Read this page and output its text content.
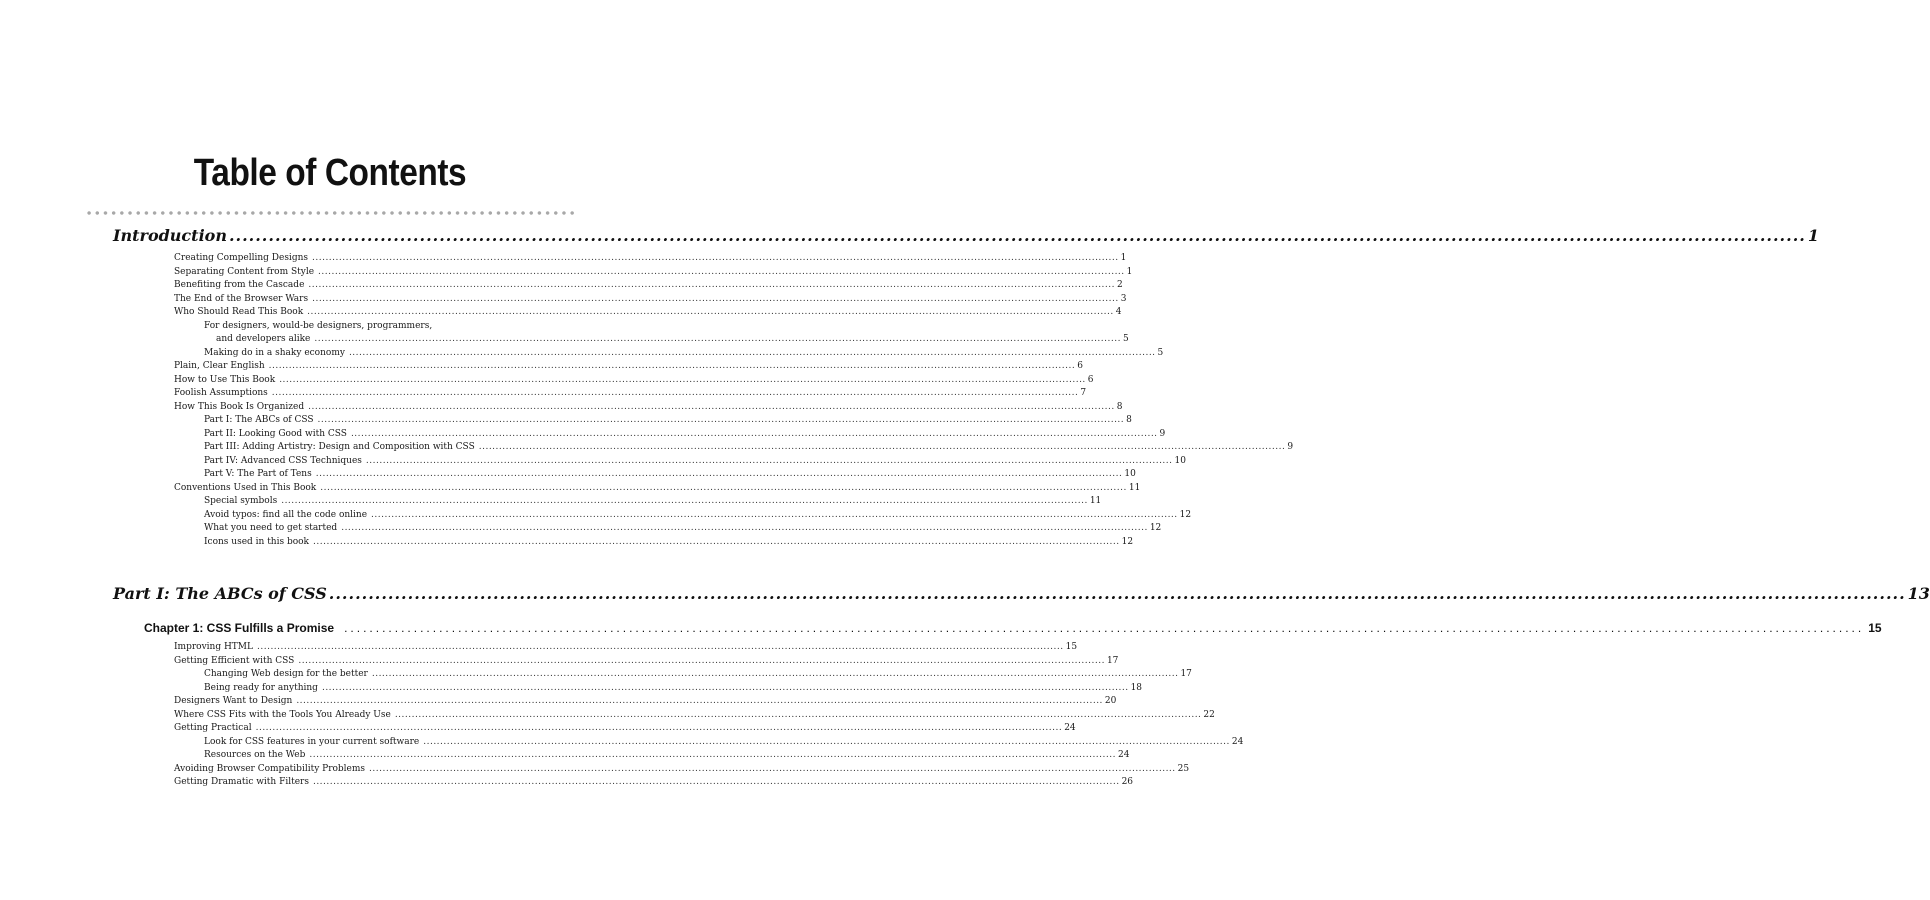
Table of Contents
Introduction ................................................................................................................................................................................................................................................ 1
Creating Compelling Designs ................................................................................................................................................................................................................................................ 1
Separating Content from Style ................................................................................................................................................................................................................................................ 1
Benefiting from the Cascade ................................................................................................................................................................................................................................................ 2
The End of the Browser Wars ................................................................................................................................................................................................................................................ 3
Who Should Read This Book ................................................................................................................................................................................................................................................ 4
For designers, would-be designers, programmers,
and developers alike ................................................................................................................................................................................................................................................ 5
Making do in a shaky economy ................................................................................................................................................................................................................................................ 5
Plain, Clear English ................................................................................................................................................................................................................................................ 6
How to Use This Book ................................................................................................................................................................................................................................................ 6
Foolish Assumptions ................................................................................................................................................................................................................................................ 7
How This Book Is Organized ................................................................................................................................................................................................................................................ 8
Part I: The ABCs of CSS ................................................................................................................................................................................................................................................ 8
Part II: Looking Good with CSS ................................................................................................................................................................................................................................................ 9
Part III: Adding Artistry: Design and Composition with CSS ................................................................................................................................................................................................................................................ 9
Part IV: Advanced CSS Techniques ................................................................................................................................................................................................................................................ 10
Part V: The Part of Tens ................................................................................................................................................................................................................................................ 10
Conventions Used in This Book ................................................................................................................................................................................................................................................ 11
Special symbols ................................................................................................................................................................................................................................................ 11
Avoid typos: find all the code online ................................................................................................................................................................................................................................................ 12
What you need to get started ................................................................................................................................................................................................................................................ 12
Icons used in this book ................................................................................................................................................................................................................................................ 12
Part I: The ABCs of CSS ................................................................................................................................................................................................................................................ 13
Chapter 1: CSS Fulfills a Promise ................................................................................................................................................................................................................................................ 15
Improving HTML ................................................................................................................................................................................................................................................ 15
Getting Efficient with CSS ................................................................................................................................................................................................................................................ 17
Changing Web design for the better ................................................................................................................................................................................................................................................ 17
Being ready for anything ................................................................................................................................................................................................................................................ 18
Designers Want to Design ................................................................................................................................................................................................................................................ 20
Where CSS Fits with the Tools You Already Use ................................................................................................................................................................................................................................................ 22
Getting Practical ................................................................................................................................................................................................................................................ 24
Look for CSS features in your current software ................................................................................................................................................................................................................................................ 24
Resources on the Web ................................................................................................................................................................................................................................................ 24
Avoiding Browser Compatibility Problems ................................................................................................................................................................................................................................................ 25
Getting Dramatic with Filters ................................................................................................................................................................................................................................................ 26
